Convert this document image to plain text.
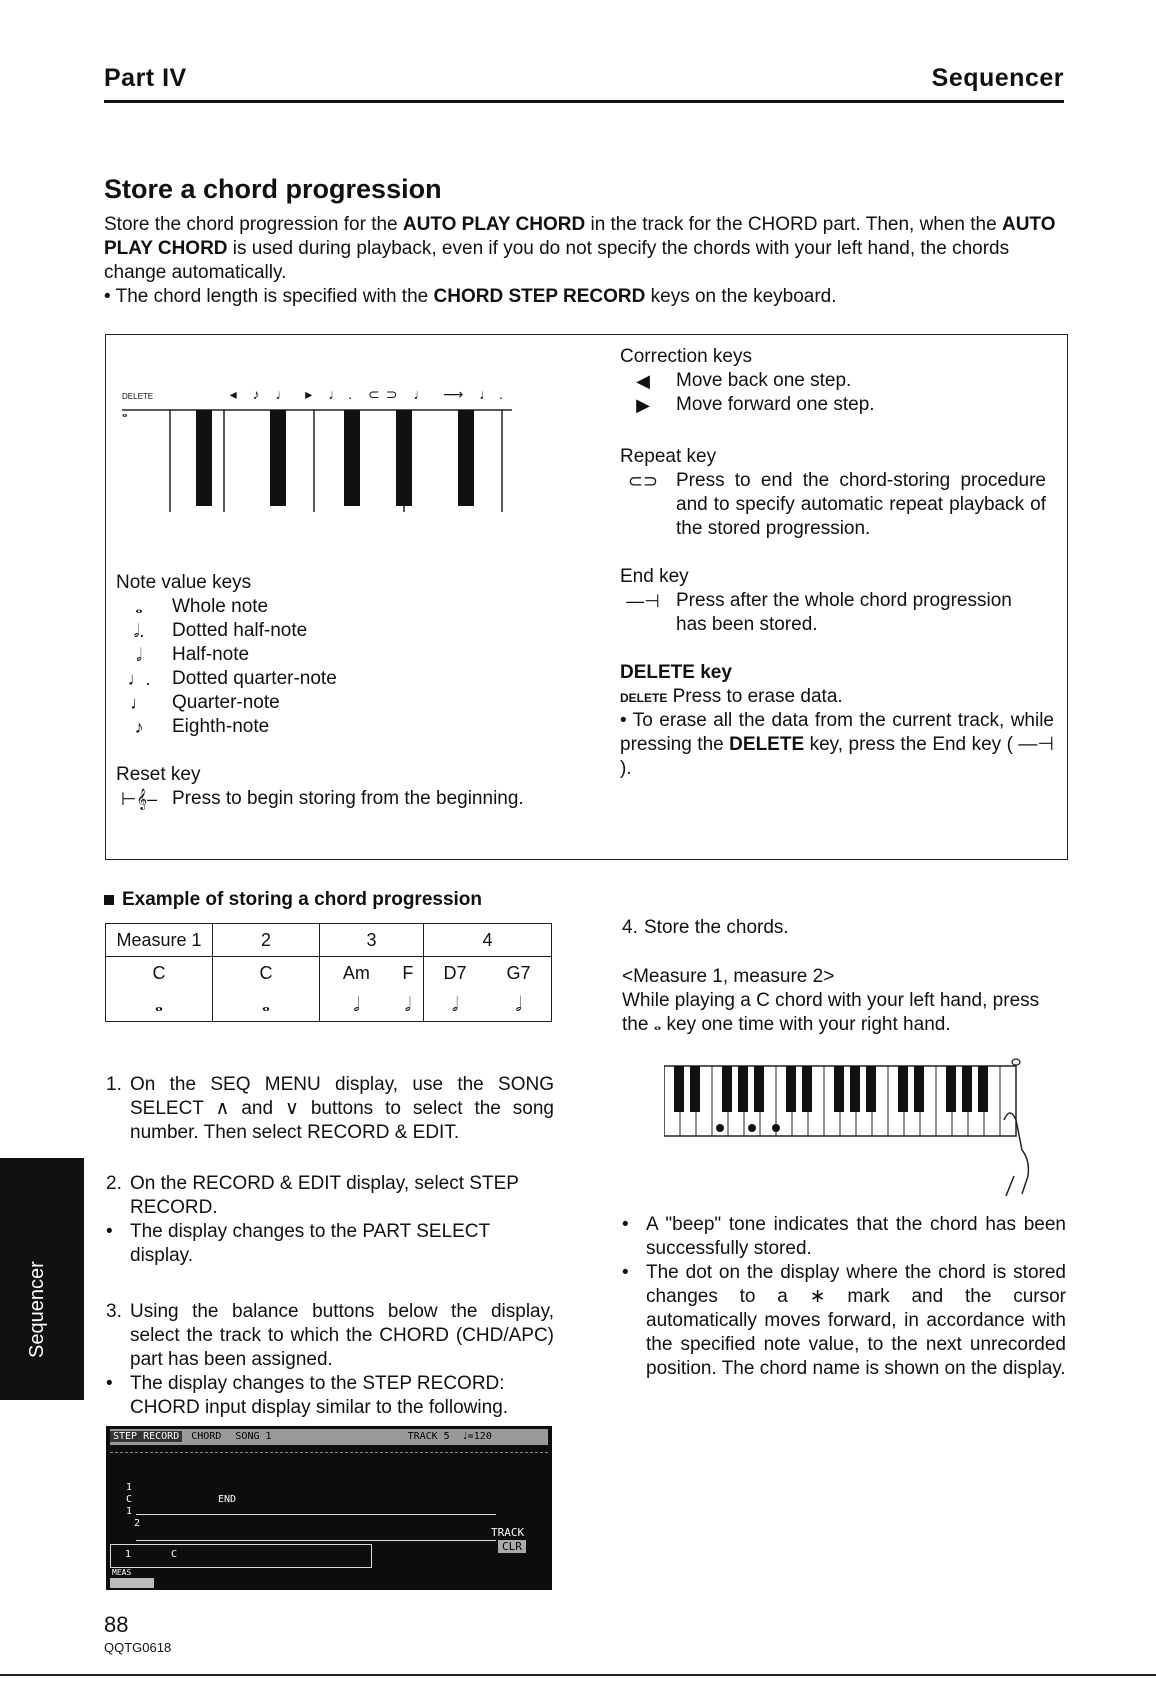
Part IV	Sequencer
Store a chord progression
Store the chord progression for the AUTO PLAY CHORD in the track for the CHORD part. Then, when the AUTO PLAY CHORD is used during playback, even if you do not specify the chords with your left hand, the chords change automatically.
• The chord length is specified with the CHORD STEP RECORD keys on the keyboard.
DELETE	◂ ♪ ♩ ▸ ♩. ⊂⊃ ♩ ⟶ ♩. 𝅝
Note value keys
𝅝	Whole note
𝅗𝅥.	Dotted half-note
𝅗𝅥	Half-note
♩.	Dotted quarter-note
♩	Quarter-note
♪	Eighth-note
Reset key
⊢𝄞– Press to begin storing from the beginning.
Correction keys
◀	Move back one step.
▶	Move forward one step.
Repeat key
⊂⊃ Press to end the chord-storing procedure and to specify automatic repeat playback of the stored progression.
End key
—⊣ Press after the whole chord progression has been stored.
DELETE key
DELETE Press to erase data.
• To erase all the data from the current track, while pressing the DELETE key, press the End key ( —⊣ ).
Example of storing a chord progression
Measure 1	2	3		4	
C	C	Am	F	D7	G7
𝅝	𝅝	𝅗𝅥	𝅗𝅥	𝅗𝅥	𝅗𝅥
1. On the SEQ MENU display, use the SONG SELECT ∧ and ∨ buttons to select the song number. Then select RECORD & EDIT.
2. On the RECORD & EDIT display, select STEP RECORD.
• The display changes to the PART SELECT display.
3. Using the balance buttons below the display, select the track to which the CHORD (CHD/APC) part has been assigned.
• The display changes to the STEP RECORD: CHORD input display similar to the following.
STEP RECORD CHORD SONG 1	TRACK 5 ♩=120
1
C	END
1
2
1	C
MEAS
TRACK
CLR
4. Store the chords.
<Measure 1, measure 2>
While playing a C chord with your left hand, press the 𝅝 key one time with your right hand.
• A "beep" tone indicates that the chord has been successfully stored.
• The dot on the display where the chord is stored changes to a ∗ mark and the cursor automatically moves forward, in accordance with the specified note value, to the next unrecorded position. The chord name is shown on the display.
Sequencer
88
QQTG0618
